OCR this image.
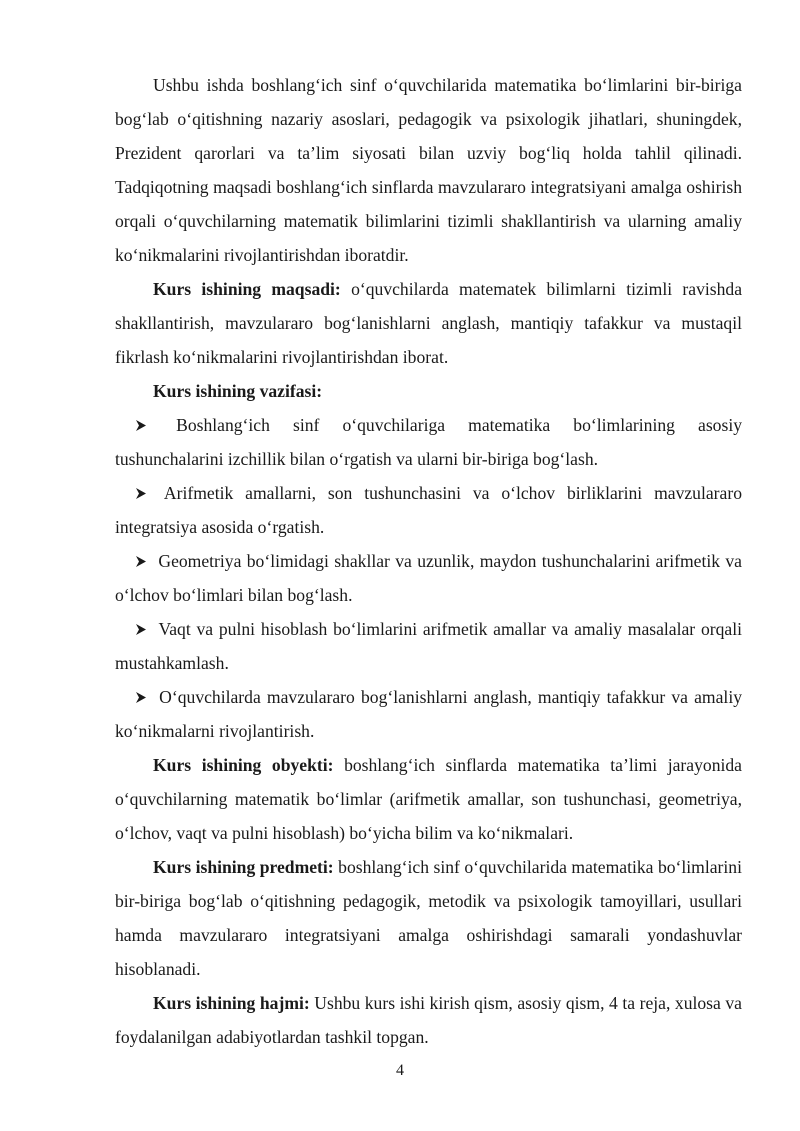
Ushbu ishda boshlang‘ich sinf o‘quvchilarida matematika bo‘limlarini bir-biriga bog‘lab o‘qitishning nazariy asoslari, pedagogik va psixologik jihatlari, shuningdek, Prezident qarorlari va ta’lim siyosati bilan uzviy bog‘liq holda tahlil qilinadi. Tadqiqotning maqsadi boshlang‘ich sinflarda mavzulararo integratsiyani amalga oshirish orqali o‘quvchilarning matematik bilimlarini tizimli shakllantirish va ularning amaliy ko‘nikmalarini rivojlantirishdan iboratdir.

Kurs ishining maqsadi: o‘quvchilarda matematek bilimlarni tizimli ravishda shakllantirish, mavzulararo bog‘lanishlarni anglash, mantiqiy tafakkur va mustaqil fikrlash ko‘nikmalarini rivojlantirishdan iborat.

Kurs ishining vazifasi:

Boshlang‘ich sinf o‘quvchilariga matematika bo‘limlarining asosiy tushunchalarini izchillik bilan o‘rgatish va ularni bir-biriga bog‘lash.

Arifmetik amallarni, son tushunchasini va o‘lchov birliklarini mavzulararo integratsiya asosida o‘rgatish.

Geometriya bo‘limidagi shakllar va uzunlik, maydon tushunchalarini arifmetik va o‘lchov bo‘limlari bilan bog‘lash.

Vaqt va pulni hisoblash bo‘limlarini arifmetik amallar va amaliy masalalar orqali mustahkamlash.

O‘quvchilarda mavzulararo bog‘lanishlarni anglash, mantiqiy tafakkur va amaliy ko‘nikmalarni rivojlantirish.

Kurs ishining obyekti: boshlang‘ich sinflarda matematika ta’limi jarayonida o‘quvchilarning matematik bo‘limlar (arifmetik amallar, son tushunchasi, geometriya, o‘lchov, vaqt va pulni hisoblash) bo‘yicha bilim va ko‘nikmalari.

Kurs ishining predmeti: boshlang‘ich sinf o‘quvchilarida matematika bo‘limlarini bir-biriga bog‘lab o‘qitishning pedagogik, metodik va psixologik tamoyillari, usullari hamda mavzulararo integratsiyani amalga oshirishdagi samarali yondashuvlar hisoblanadi.

Kurs ishining hajmi: Ushbu kurs ishi kirish qism, asosiy qism, 4 ta reja, xulosa va foydalanilgan adabiyotlardan tashkil topgan.

4
